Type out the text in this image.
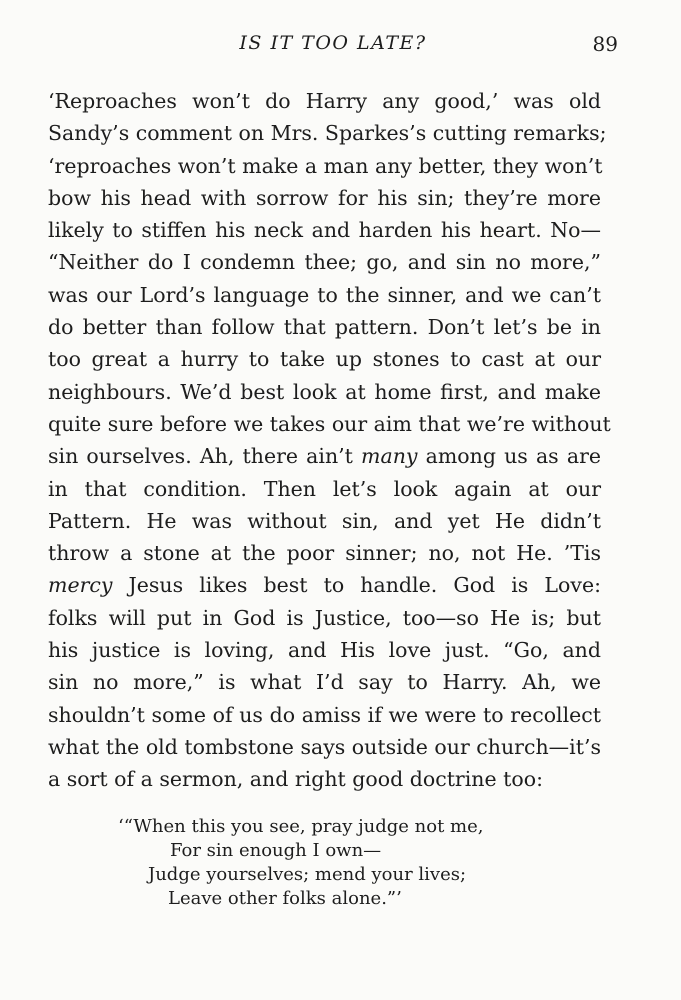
IS IT TOO LATE?	89
‘Reproaches won’t do Harry any good,’ was old
Sandy’s comment on Mrs. Sparkes’s cutting remarks;
‘reproaches won’t make a man any better, they won’t
bow his head with sorrow for his sin; they’re more
likely to stiffen his neck and harden his heart. No—
“Neither do I condemn thee; go, and sin no more,”
was our Lord’s language to the sinner, and we can’t
do better than follow that pattern. Don’t let’s be in
too great a hurry to take up stones to cast at our
neighbours. We’d best look at home first, and make
quite sure before we takes our aim that we’re without
sin ourselves. Ah, there ain’t many among us as are
in that condition. Then let’s look again at our
Pattern. He was without sin, and yet He didn’t
throw a stone at the poor sinner; no, not He. ’Tis
mercy Jesus likes best to handle. God is Love:
folks will put in God is Justice, too—so He is; but
his justice is loving, and His love just. “Go, and
sin no more,” is what I’d say to Harry. Ah, we
shouldn’t some of us do amiss if we were to recollect
what the old tombstone says outside our church—it’s
a sort of a sermon, and right good doctrine too:
‘“When this you see, pray judge not me,
For sin enough I own—
Judge yourselves; mend your lives;
Leave other folks alone.”’
